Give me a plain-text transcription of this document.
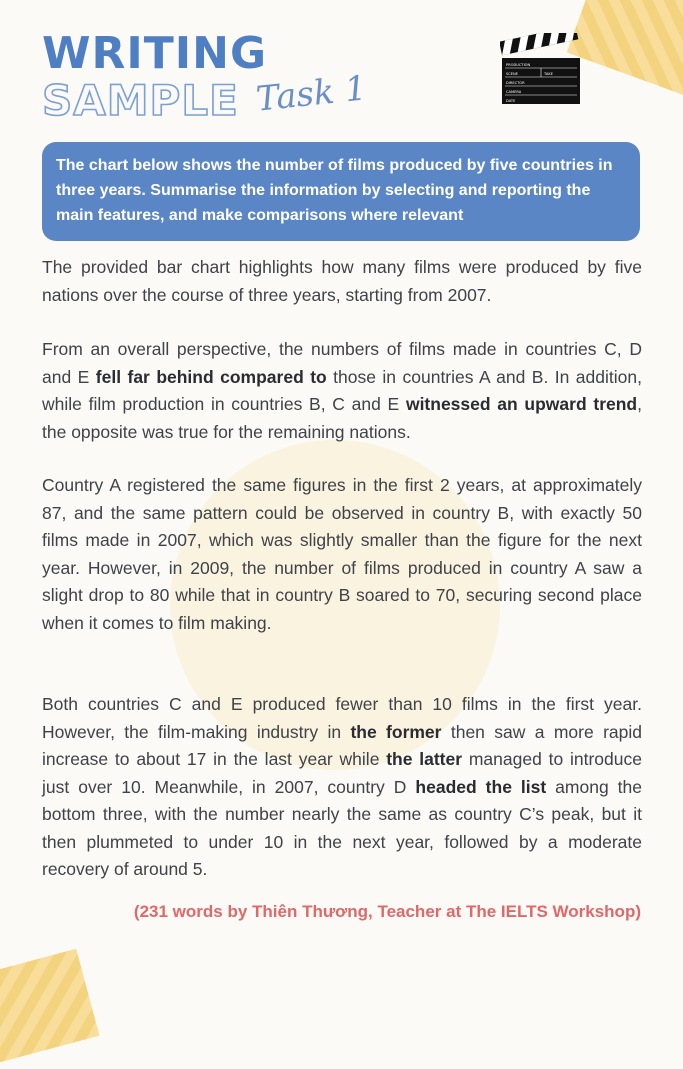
WRITING
SAMPLE Task 1
PRODUCTION
SCENE	TAKE
DIRECTOR
CAMERA
DATE
The chart below shows the number of films produced by five countries in three years. Summarise the information by selecting and reporting the main features, and make comparisons where relevant

The provided bar chart highlights how many films were produced by five nations over the course of three years, starting from 2007.

From an overall perspective, the numbers of films made in countries C, D and E fell far behind compared to those in countries A and B. In addition, while film production in countries B, C and E witnessed an upward trend, the opposite was true for the remaining nations.

Country A registered the same figures in the first 2 years, at approximately 87, and the same pattern could be observed in country B, with exactly 50 films made in 2007, which was slightly smaller than the figure for the next year. However, in 2009, the number of films produced in country A saw a slight drop to 80 while that in country B soared to 70, securing second place when it comes to film making.

Both countries C and E produced fewer than 10 films in the first year. However, the film-making industry in the former then saw a more rapid increase to about 17 in the last year while the latter managed to introduce just over 10. Meanwhile, in 2007, country D headed the list among the bottom three, with the number nearly the same as country C’s peak, but it then plummeted to under 10 in the next year, followed by a moderate recovery of around 5.

(231 words by Thiên Thương, Teacher at The IELTS Workshop)
